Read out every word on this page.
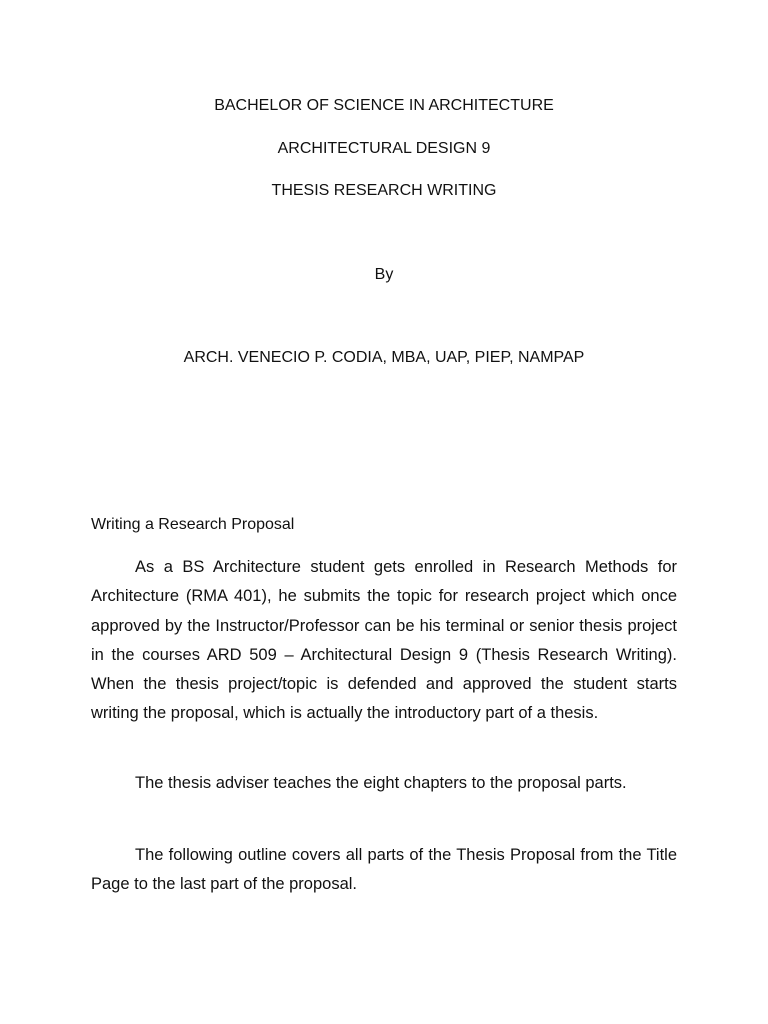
BACHELOR OF SCIENCE IN ARCHITECTURE
ARCHITECTURAL DESIGN 9
THESIS RESEARCH WRITING
By
ARCH. VENECIO P. CODIA, MBA, UAP, PIEP, NAMPAP
Writing a Research Proposal

As a BS Architecture student gets enrolled in Research Methods for Architecture (RMA 401), he submits the topic for research project which once approved by the Instructor/Professor can be his terminal or senior thesis project in the courses ARD 509 – Architectural Design 9 (Thesis Research Writing). When the thesis project/topic is defended and approved the student starts writing the proposal, which is actually the introductory part of a thesis.

The thesis adviser teaches the eight chapters to the proposal parts.

The following outline covers all parts of the Thesis Proposal from the Title Page to the last part of the proposal.
